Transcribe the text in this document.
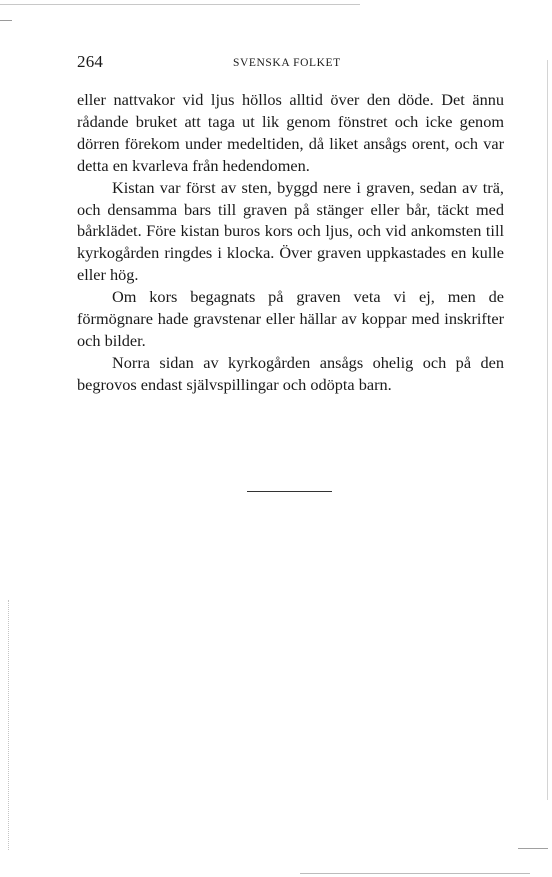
264	SVENSKA FOLKET

eller nattvakor vid ljus höllos alltid över den döde. Det ännu rådande bruket att taga ut lik genom fönstret och icke genom dörren förekom under medeltiden, då liket ansågs orent, och var detta en kvarleva från hedendomen.

Kistan var först av sten, byggd nere i graven, sedan av trä, och densamma bars till graven på stänger eller bår, täckt med bårklädet. Före kistan buros kors och ljus, och vid ankomsten till kyrkogården ringdes i klocka. Över graven uppkastades en kulle eller hög.

Om kors begagnats på graven veta vi ej, men de förmögnare hade gravstenar eller hällar av koppar med inskrifter och bilder.

Norra sidan av kyrkogården ansågs ohelig och på den begrovos endast självspillingar och odöpta barn.
